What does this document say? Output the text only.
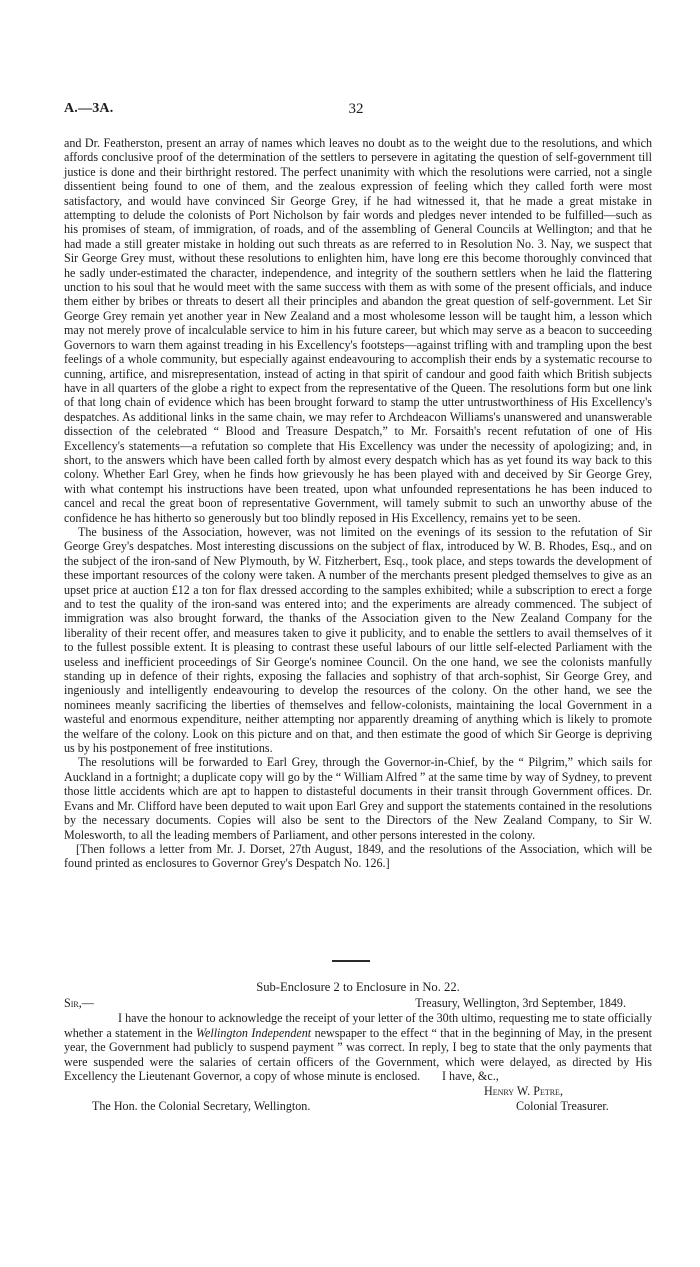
A.—3A.	32

and Dr. Featherston, present an array of names which leaves no doubt as to the weight due to the resolutions, and which affords conclusive proof of the determination of the settlers to persevere in agitating the question of self-government till justice is done and their birthright restored. The perfect unanimity with which the resolutions were carried, not a single dissentient being found to one of them, and the zealous expression of feeling which they called forth were most satisfactory, and would have convinced Sir George Grey, if he had witnessed it, that he made a great mistake in attempting to delude the colonists of Port Nicholson by fair words and pledges never intended to be fulfilled—such as his promises of steam, of immigration, of roads, and of the assembling of General Councils at Wellington; and that he had made a still greater mistake in holding out such threats as are referred to in Resolution No. 3. Nay, we suspect that Sir George Grey must, without these resolutions to enlighten him, have long ere this become thoroughly convinced that he sadly under-estimated the character, independence, and integrity of the southern settlers when he laid the flattering unction to his soul that he would meet with the same success with them as with some of the present officials, and induce them either by bribes or threats to desert all their principles and abandon the great question of self-government. Let Sir George Grey remain yet another year in New Zealand and a most wholesome lesson will be taught him, a lesson which may not merely prove of incalculable service to him in his future career, but which may serve as a beacon to succeeding Governors to warn them against treading in his Excellency's footsteps—against trifling with and trampling upon the best feelings of a whole community, but especially against endeavouring to accomplish their ends by a systematic recourse to cunning, artifice, and misrepresentation, instead of acting in that spirit of candour and good faith which British subjects have in all quarters of the globe a right to expect from the representative of the Queen. The resolutions form but one link of that long chain of evidence which has been brought forward to stamp the utter untrustworthiness of His Excellency's despatches. As additional links in the same chain, we may refer to Archdeacon Williams's unanswered and unanswerable dissection of the celebrated “ Blood and Treasure Despatch,” to Mr. Forsaith's recent refutation of one of His Excellency's statements—a refutation so complete that His Excellency was under the necessity of apologizing; and, in short, to the answers which have been called forth by almost every despatch which has as yet found its way back to this colony. Whether Earl Grey, when he finds how grievously he has been played with and deceived by Sir George Grey, with what contempt his instructions have been treated, upon what unfounded representations he has been induced to cancel and recal the great boon of representative Government, will tamely submit to such an unworthy abuse of the confidence he has hitherto so generously but too blindly reposed in His Excellency, remains yet to be seen.

The business of the Association, however, was not limited on the evenings of its session to the refutation of Sir George Grey's despatches. Most interesting discussions on the subject of flax, introduced by W. B. Rhodes, Esq., and on the subject of the iron-sand of New Plymouth, by W. Fitzherbert, Esq., took place, and steps towards the development of these important resources of the colony were taken. A number of the merchants present pledged themselves to give as an upset price at auction £12 a ton for flax dressed according to the samples exhibited; while a subscription to erect a forge and to test the quality of the iron-sand was entered into; and the experiments are already commenced. The subject of immigration was also brought forward, the thanks of the Association given to the New Zealand Company for the liberality of their recent offer, and measures taken to give it publicity, and to enable the settlers to avail themselves of it to the fullest possible extent. It is pleasing to contrast these useful labours of our little self-elected Parliament with the useless and inefficient proceedings of Sir George's nominee Council. On the one hand, we see the colonists manfully standing up in defence of their rights, exposing the fallacies and sophistry of that arch-sophist, Sir George Grey, and ingeniously and intelligently endeavouring to develop the resources of the colony. On the other hand, we see the nominees meanly sacrificing the liberties of themselves and fellow-colonists, maintaining the local Government in a wasteful and enormous expenditure, neither attempting nor apparently dreaming of anything which is likely to promote the welfare of the colony. Look on this picture and on that, and then estimate the good of which Sir George is depriving us by his postponement of free institutions.

The resolutions will be forwarded to Earl Grey, through the Governor-in-Chief, by the “ Pilgrim,” which sails for Auckland in a fortnight; a duplicate copy will go by the “ William Alfred ” at the same time by way of Sydney, to prevent those little accidents which are apt to happen to distasteful documents in their transit through Government offices. Dr. Evans and Mr. Clifford have been deputed to wait upon Earl Grey and support the statements contained in the resolutions by the necessary documents. Copies will also be sent to the Directors of the New Zealand Company, to Sir W. Molesworth, to all the leading members of Parliament, and other persons interested in the colony.

[Then follows a letter from Mr. J. Dorset, 27th August, 1849, and the resolutions of the Association, which will be found printed as enclosures to Governor Grey's Despatch No. 126.]

Sub-Enclosure 2 to Enclosure in No. 22.
Sir,—	Treasury, Wellington, 3rd September, 1849.
I have the honour to acknowledge the receipt of your letter of the 30th ultimo, requesting me to state officially whether a statement in the Wellington Independent newspaper to the effect “ that in the beginning of May, in the present year, the Government had publicly to suspend payment ” was correct. In reply, I beg to state that the only payments that were suspended were the salaries of certain officers of the Government, which were delayed, as directed by His Excellency the Lieutenant Governor, a copy of whose minute is enclosed.	I have, &c.,
Henry W. Petre,
The Hon. the Colonial Secretary, Wellington.	Colonial Treasurer.
